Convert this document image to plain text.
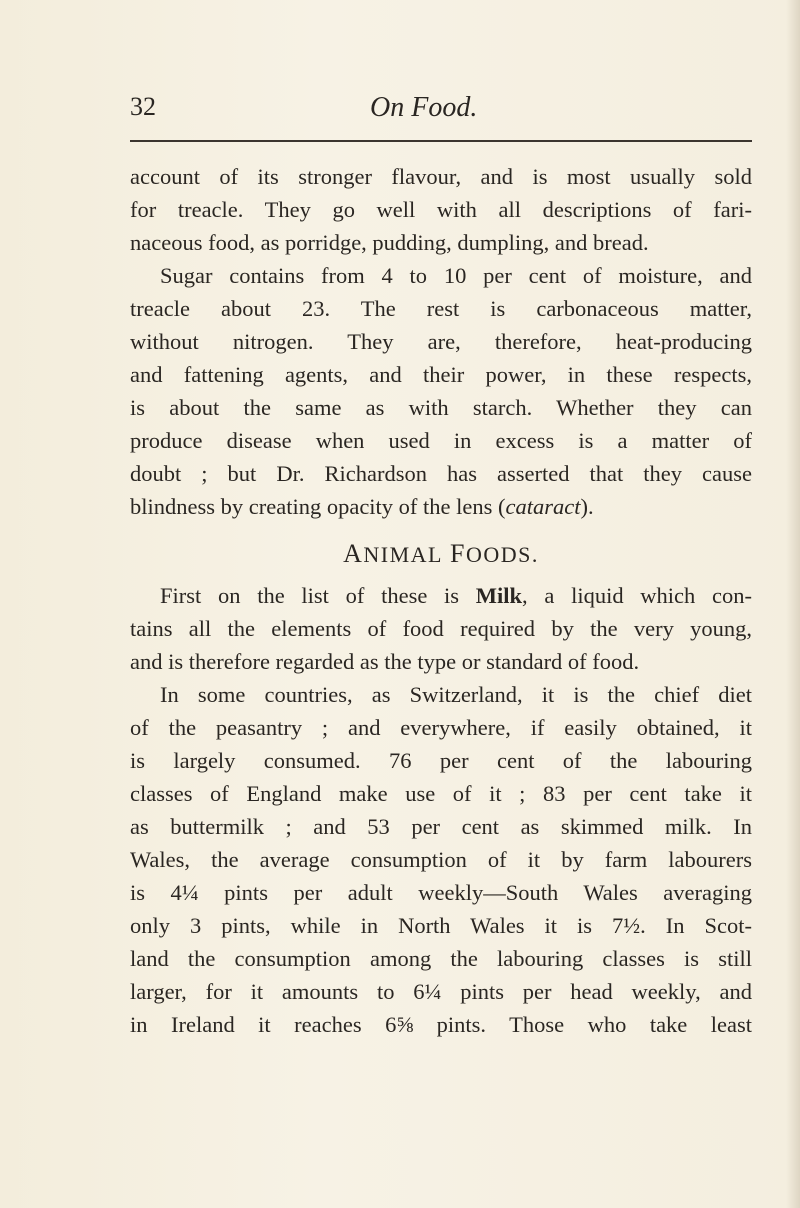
32	On Food.
account of its stronger flavour, and is most usually sold
for treacle. They go well with all descriptions of fari-
naceous food, as porridge, pudding, dumpling, and bread.
Sugar contains from 4 to 10 per cent of moisture, and
treacle about 23. The rest is carbonaceous matter,
without nitrogen. They are, therefore, heat-producing
and fattening agents, and their power, in these respects,
is about the same as with starch. Whether they can
produce disease when used in excess is a matter of
doubt ; but Dr. Richardson has asserted that they cause
blindness by creating opacity of the lens (cataract).
ANIMAL FOODS.
First on the list of these is Milk, a liquid which con-
tains all the elements of food required by the very young,
and is therefore regarded as the type or standard of food.
In some countries, as Switzerland, it is the chief diet
of the peasantry ; and everywhere, if easily obtained, it
is largely consumed. 76 per cent of the labouring
classes of England make use of it ; 83 per cent take it
as buttermilk ; and 53 per cent as skimmed milk. In
Wales, the average consumption of it by farm labourers
is 4¼ pints per adult weekly—South Wales averaging
only 3 pints, while in North Wales it is 7½. In Scot-
land the consumption among the labouring classes is still
larger, for it amounts to 6¼ pints per head weekly, and
in Ireland it reaches 6⅝ pints. Those who take least
